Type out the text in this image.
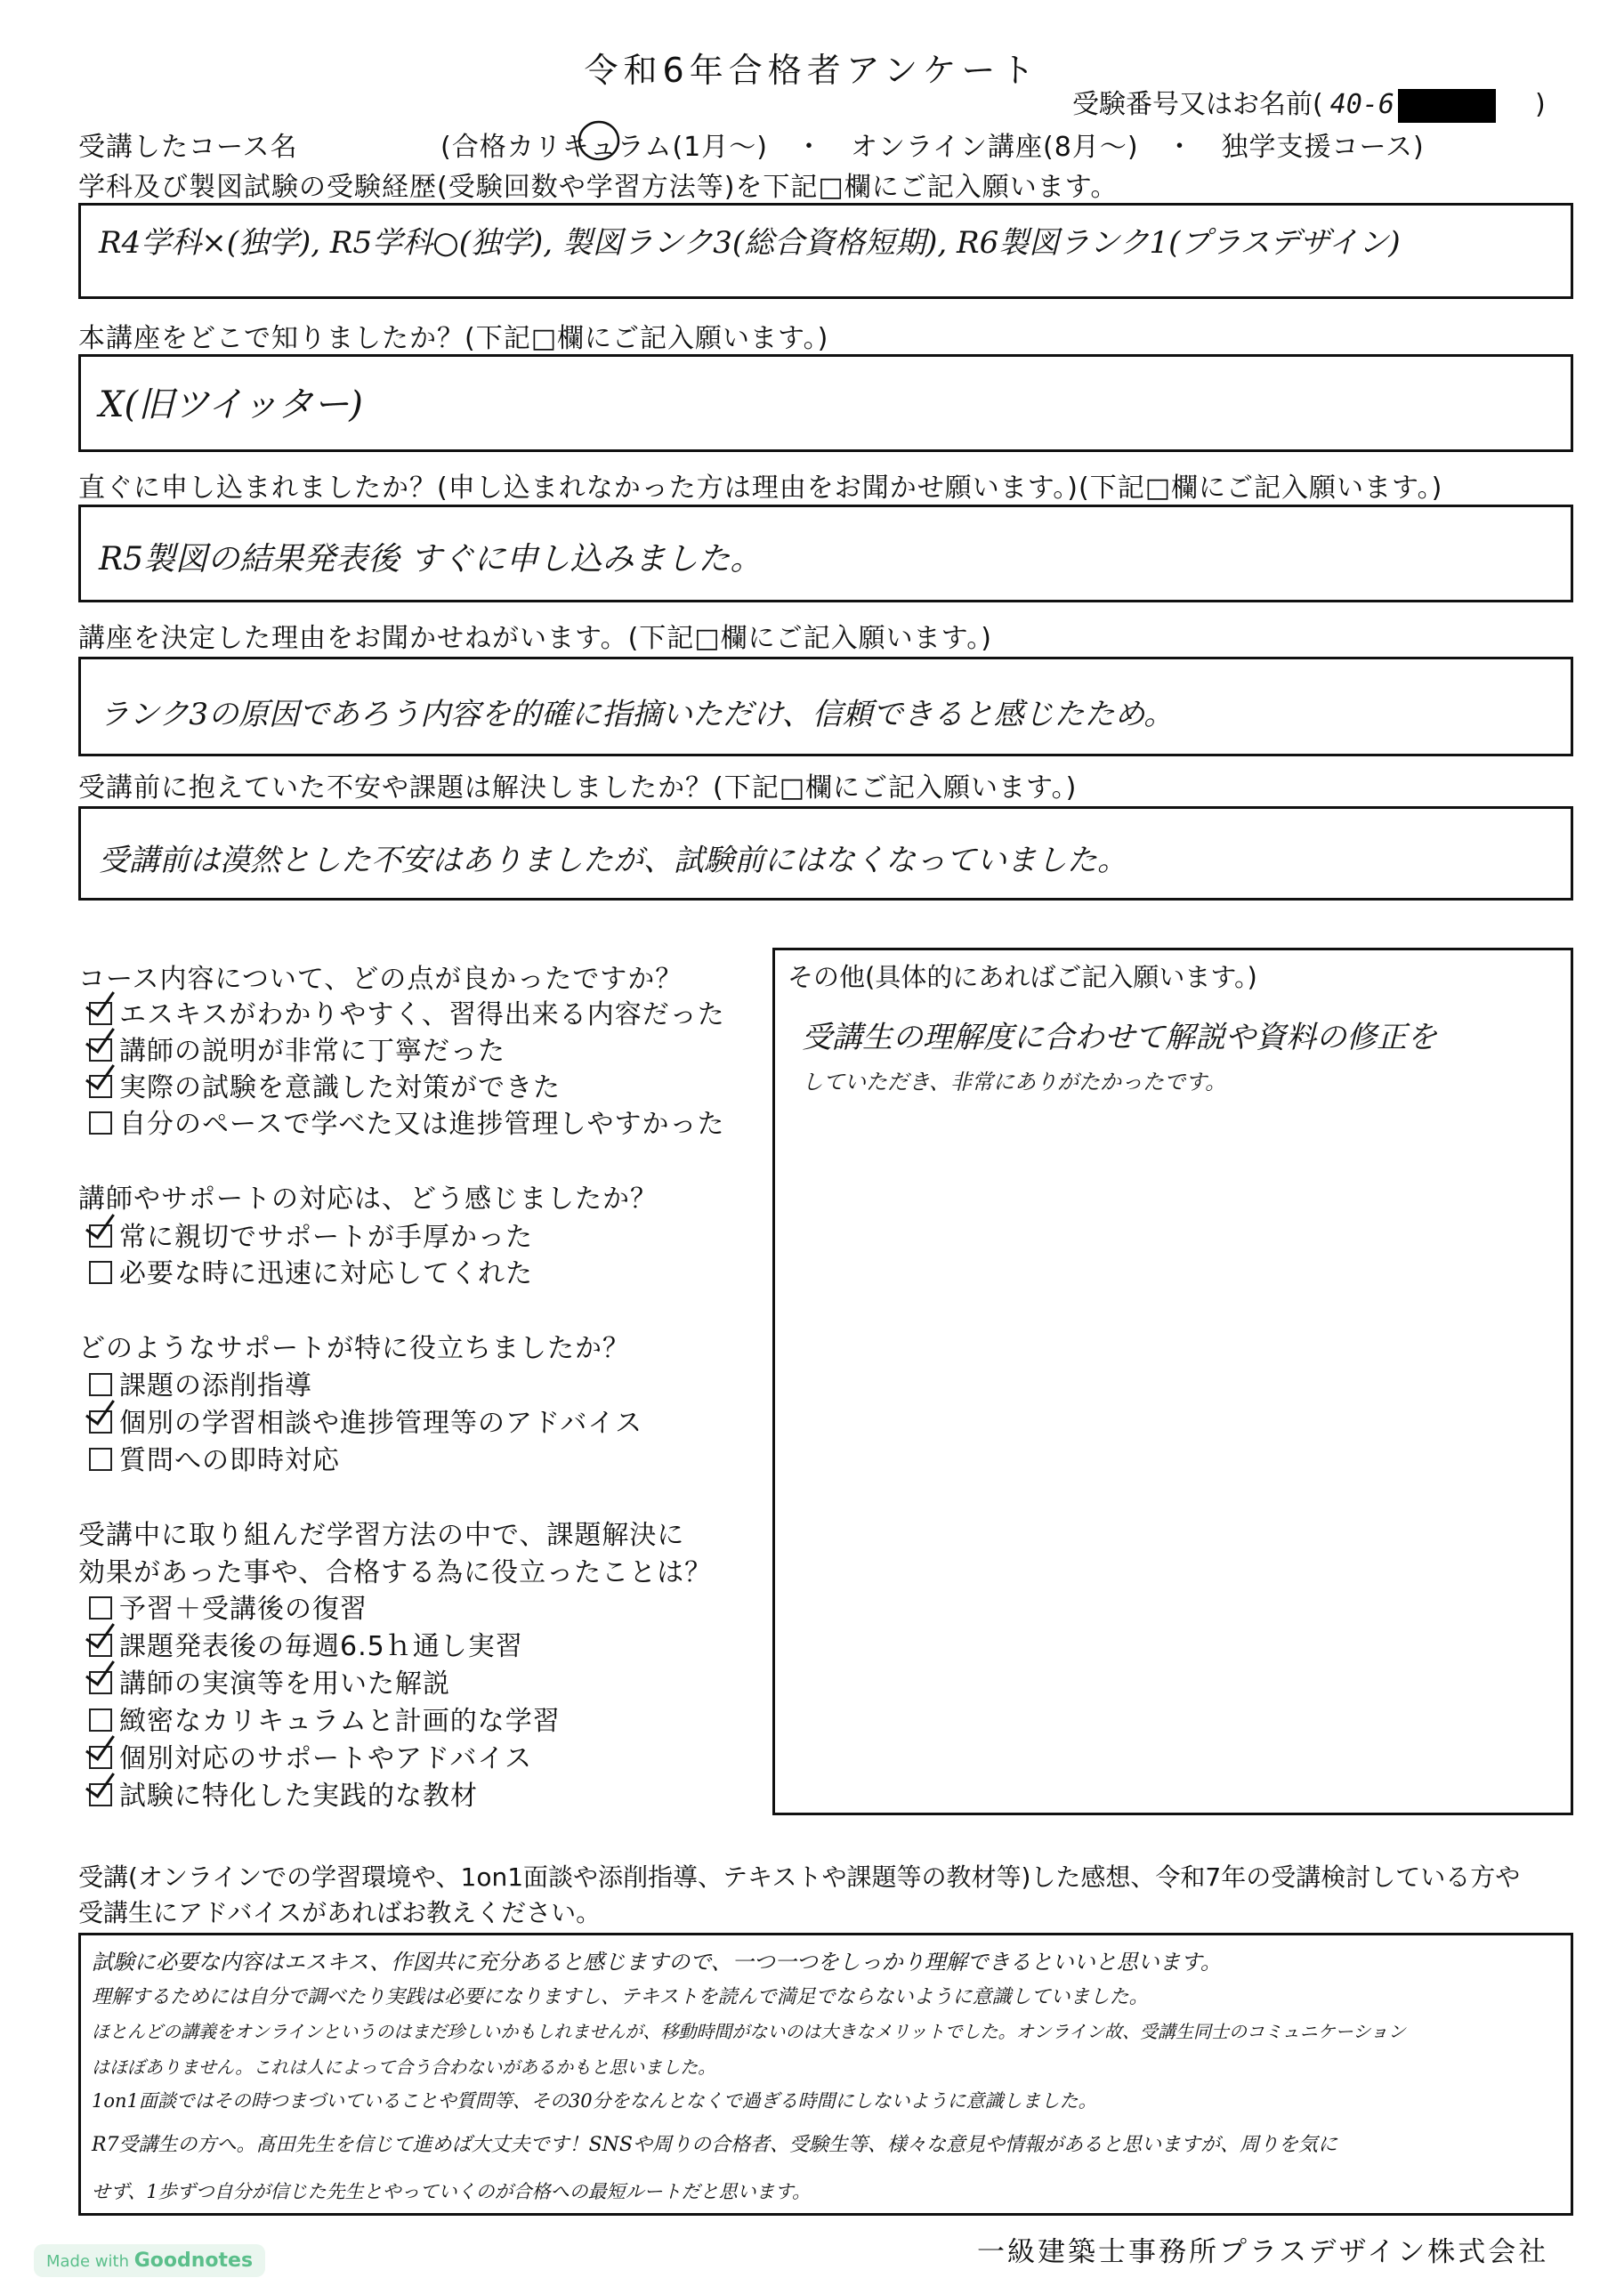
令和6年合格者アンケート
受験番号又はお名前( 40-6	)
受講したコース名	(合格カリキュラム(1月～)　・　オンライン講座(8月～)　・　独学支援コース)
学科及び製図試験の受験経歴(受験回数や学習方法等)を下記□欄にご記入願います。
R4学科×(独学), R5学科○(独学), 製図ランク3(総合資格短期), R6製図ランク1(プラスデザイン)
本講座をどこで知りましたか？(下記□欄にご記入願います。)
X(旧ツイッター)
直ぐに申し込まれましたか？(申し込まれなかった方は理由をお聞かせ願います。)(下記□欄にご記入願います。)
R5製図の結果発表後 すぐに申し込みました。
講座を決定した理由をお聞かせねがいます。(下記□欄にご記入願います。)
ランク3の原因であろう内容を的確に指摘いただけ、信頼できると感じたため。
受講前に抱えていた不安や課題は解決しましたか？(下記□欄にご記入願います。)
受講前は漠然とした不安はありましたが、試験前にはなくなっていました。
コース内容について、どの点が良かったですか？
エスキスがわかりやすく、習得出来る内容だった
講師の説明が非常に丁寧だった
実際の試験を意識した対策ができた
自分のペースで学べた又は進捗管理しやすかった
講師やサポートの対応は、どう感じましたか？
常に親切でサポートが手厚かった
必要な時に迅速に対応してくれた
どのようなサポートが特に役立ちましたか？
課題の添削指導
個別の学習相談や進捗管理等のアドバイス
質問への即時対応
受講中に取り組んだ学習方法の中で、課題解決に
効果があった事や、合格する為に役立ったことは？
予習＋受講後の復習
課題発表後の毎週6.5ｈ通し実習
講師の実演等を用いた解説
緻密なカリキュラムと計画的な学習
個別対応のサポートやアドバイス
試験に特化した実践的な教材
その他(具体的にあればご記入願います。)
受講生の理解度に合わせて解説や資料の修正を
していただき、非常にありがたかったです。
受講(オンラインでの学習環境や、1on1面談や添削指導、テキストや課題等の教材等)した感想、令和7年の受講検討している方や
受講生にアドバイスがあればお教えください。
試験に必要な内容はエスキス、作図共に充分あると感じますので、一つ一つをしっかり理解できるといいと思います。
理解するためには自分で調べたり実践は必要になりますし、テキストを読んで満足でならないように意識していました。
ほとんどの講義をオンラインというのはまだ珍しいかもしれませんが、移動時間がないのは大きなメリットでした。オンライン故、受講生同士のコミュニケーション
はほぼありません。これは人によって合う合わないがあるかもと思いました。
1on1面談ではその時つまづいていることや質問等、その30分をなんとなくで過ぎる時間にしないように意識しました。
R7受講生の方へ。髙田先生を信じて進めば大丈夫です！SNSや周りの合格者、受験生等、様々な意見や情報があると思いますが、周りを気に
せず、1歩ずつ自分が信じた先生とやっていくのが合格への最短ルートだと思います。
一級建築士事務所プラスデザイン株式会社
Made with Goodnotes
